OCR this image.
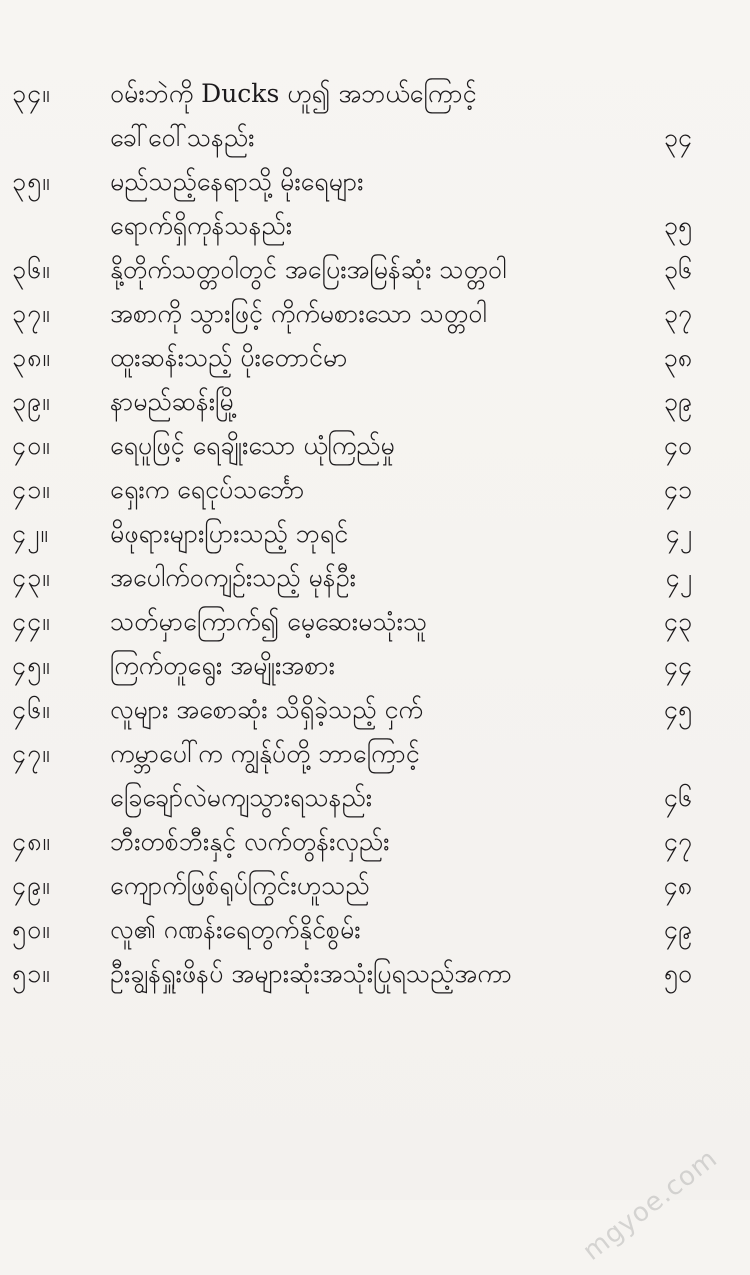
၃၄။	ဝမ်းဘဲကို Ducks ဟူ၍ အဘယ်ကြောင့်
ခေါ်ဝေါ်သနည်း	၃၄
၃၅။	မည်သည့်နေရာသို့ မိုးရေများ
ရောက်ရှိကုန်သနည်း	၃၅
၃၆။	နို့တိုက်သတ္တဝါတွင် အပြေးအမြန်ဆုံး သတ္တဝါ	၃၆
၃၇။	အစာကို သွားဖြင့် ကိုက်မစားသော သတ္တဝါ	၃၇
၃၈။	ထူးဆန်းသည့် ပိုးတောင်မာ	၃၈
၃၉။	နာမည်ဆန်းမြို့	၃၉
၄၀။	ရေပူဖြင့် ရေချိုးသော ယုံကြည်မှု	၄၀
၄၁။	ရှေးက ရေငုပ်သင်္ဘော	၄၁
၄၂။	မိဖုရားများပြားသည့် ဘုရင်	၄၂
၄၃။	အပေါက်ဝကျဉ်းသည့် မုန်ဦး	၄၂
၄၄။	သတ်မှာကြောက်၍ မေ့ဆေးမသုံးသူ	၄၃
၄၅။	ကြက်တူရွေး အမျိုးအစား	၄၄
၄၆။	လူများ အစောဆုံး သိရှိခဲ့သည့် ငှက်	၄၅
၄၇။	ကမ္ဘာပေါ်က ကျွန်ုပ်တို့ ဘာကြောင့်
ခြေချော်လဲမကျသွားရသနည်း	၄၆
၄၈။	ဘီးတစ်ဘီးနှင့် လက်တွန်းလှည်း	၄၇
၄၉။	ကျောက်ဖြစ်ရုပ်ကြွင်းဟူသည်	၄၈
၅၀။	လူ၏ ဂဏန်းရေတွက်နိုင်စွမ်း	၄၉
၅၁။	ဦးချွန်ရှူးဖိနပ် အများဆုံးအသုံးပြုရသည့်အကာ	၅၀
mgyoe.com
